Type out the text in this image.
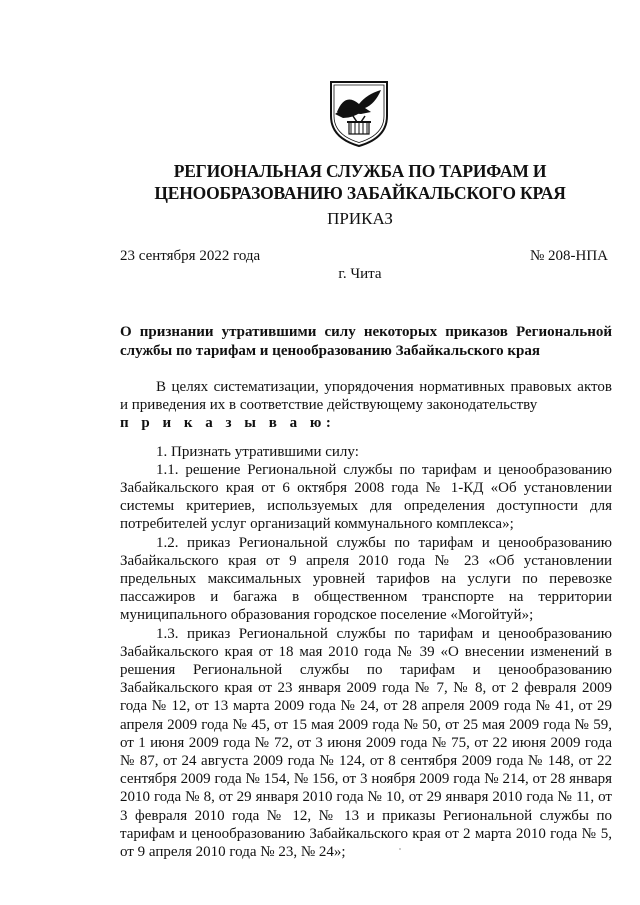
РЕГИОНАЛЬНАЯ СЛУЖБА ПО ТАРИФАМ И
ЦЕНООБРАЗОВАНИЮ ЗАБАЙКАЛЬСКОГО КРАЯ
ПРИКАЗ
23 сентября 2022 года	№ 208-НПА
г. Чита
О признании утратившими силу некоторых приказов Региональной службы по тарифам и ценообразованию Забайкальского края

В целях систематизации, упорядочения нормативных правовых актов и приведения их в соответствие действующему законодательству
п р и к а з ы в а ю:

1. Признать утратившими силу:

1.1. решение Региональной службы по тарифам и ценообразованию Забайкальского края от 6 октября 2008 года № 1-КД «Об установлении системы критериев, используемых для определения доступности для потребителей услуг организаций коммунального комплекса»;

1.2. приказ Региональной службы по тарифам и ценообразованию Забайкальского края от 9 апреля 2010 года № 23 «Об установлении предельных максимальных уровней тарифов на услуги по перевозке пассажиров и багажа в общественном транспорте на территории муниципального образования городское поселение «Могойтуй»;

1.3. приказ Региональной службы по тарифам и ценообразованию Забайкальского края от 18 мая 2010 года № 39 «О внесении изменений в решения Региональной службы по тарифам и ценообразованию Забайкальского края от 23 января 2009 года № 7, № 8, от 2 февраля 2009 года № 12, от 13 марта 2009 года № 24, от 28 апреля 2009 года № 41, от 29 апреля 2009 года № 45, от 15 мая 2009 года № 50, от 25 мая 2009 года № 59, от 1 июня 2009 года № 72, от 3 июня 2009 года № 75, от 22 июня 2009 года № 87, от 24 августа 2009 года № 124, от 8 сентября 2009 года № 148, от 22 сентября 2009 года № 154, № 156, от 3 ноября 2009 года № 214, от 28 января 2010 года № 8, от 29 января 2010 года № 10, от 29 января 2010 года № 11, от 3 февраля 2010 года № 12, № 13 и приказы Региональной службы по тарифам и ценообразованию Забайкальского края от 2 марта 2010 года № 5, от 9 апреля 2010 года № 23, № 24»;
